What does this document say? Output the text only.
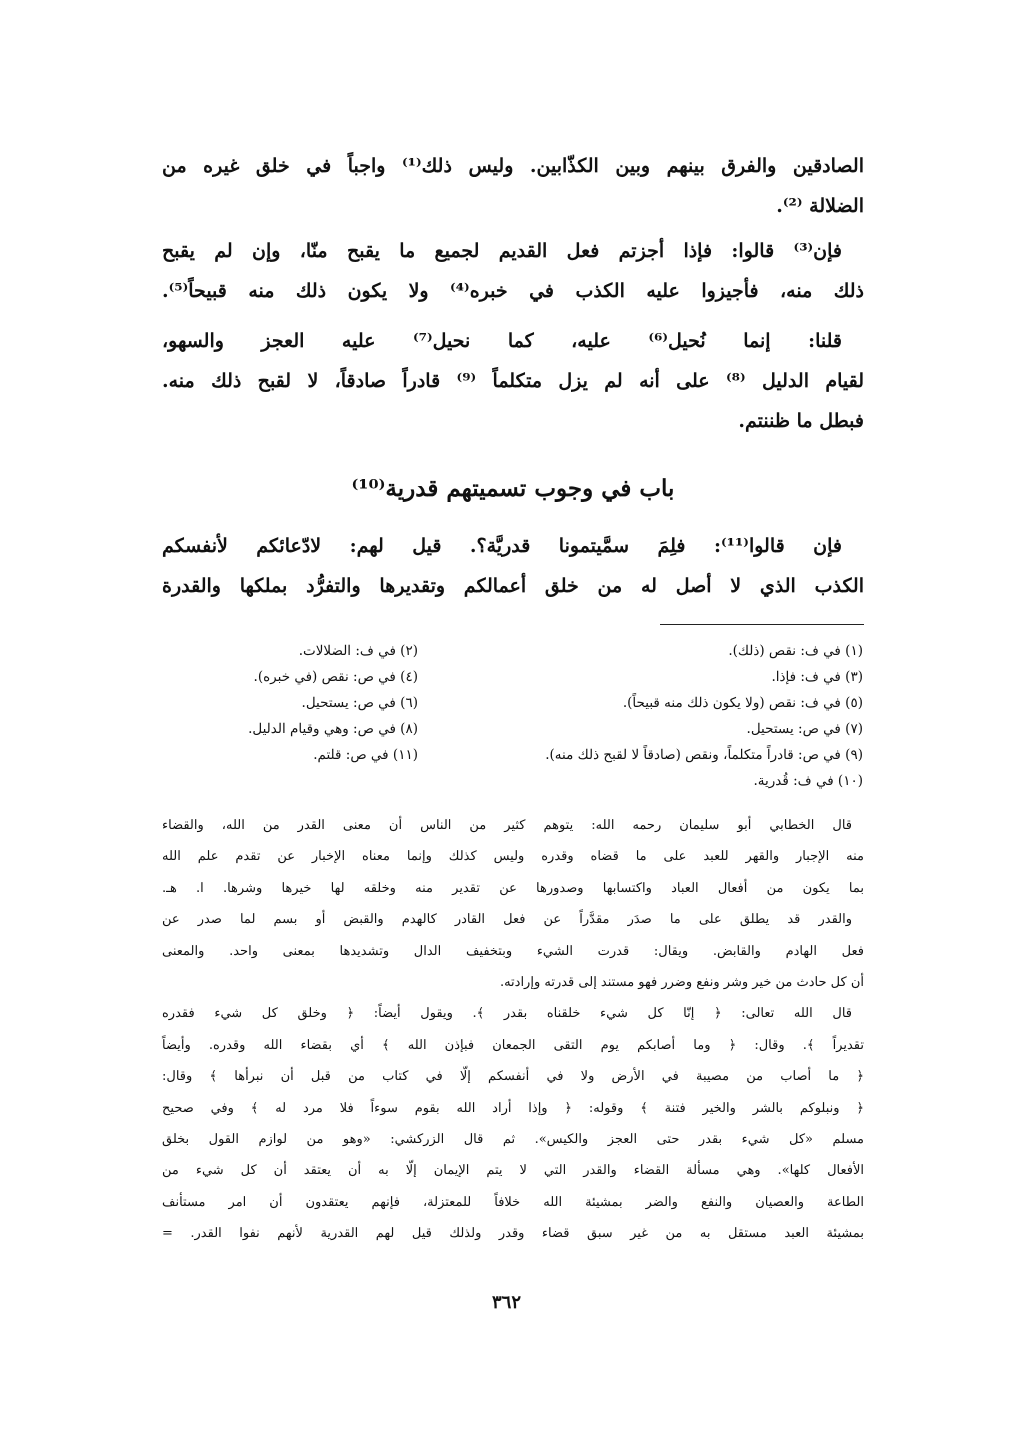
الصادقين والفرق بينهم وبين الكذّابين. وليس ذلك⁽¹⁾ واجباً في خلق غيره من
الضلالة ⁽²⁾.
فإن⁽³⁾ قالوا: فإذا أجزتم فعل القديم لجميع ما يقبح منّا، وإن لم يقبح
ذلك منه، فأجيزوا عليه الكذب في خبره⁽⁴⁾ ولا يكون ذلك منه قبيحاً⁽⁵⁾.
قلنا: إنما نُحيل⁽⁶⁾ عليه، كما نحيل⁽⁷⁾ عليه العجز والسهو،
لقيام الدليل ⁽⁸⁾ على أنه لم يزل متكلماً ⁽⁹⁾ قادراً صادقاً، لا لقبح ذلك منه.
فبطل ما ظننتم.
باب في وجوب تسميتهم قدرية⁽¹⁰⁾
فإن قالوا⁽¹¹⁾: فلِمَ سمَّيتمونا قدريَّة؟. قيل لهم: لادّعائكم لأنفسكم
الكذب الذي لا أصل له من خلق أعمالكم وتقديرها والتفرُّد بملكها والقدرة
(١) في ف: نقص (ذلك).
(٢) في ف: الضلالات.
(٣) في ف: فإذا.
(٤) في ص: نقص (في خبره).
(٥) في ف: نقص (ولا يكون ذلك منه قبيحاً).
(٦) في ص: يستحيل.
(٧) في ص: يستحيل.
(٨) في ص: وهي وقيام الدليل.
(٩) في ص: قادراً متكلماً، ونقص (صادقاً لا لقبح ذلك منه).
(١١) في ص: قلتم.
(١٠) في ف: قُدرية.
قال الخطابي أبو سليمان رحمه الله: يتوهم كثير من الناس أن معنى القدر من الله، والقضاء
منه الإجبار والقهر للعبد على ما قضاه وقدره وليس كذلك وإنما معناه الإخبار عن تقدم علم الله
بما يكون من أفعال العباد واكتسابها وصدورها عن تقدير منه وخلقه لها خيرها وشرها. ا. هـ.
والقدر قد يطلق على ما صدَر مقدَّراً عن فعل القادر كالهدم والقبض أو بسم لما صدر عن
فعل الهادم والقابض. ويقال: قدرت الشيء وبتخفيف الدال وتشديدها بمعنى واحد. والمعنى
أن كل حادث من خير وشر ونفع وضرر فهو مستند إلى قدرته وإرادته.
قال الله تعالى: ﴿ إنّا كل شيء خلقناه بقدر ﴾. ويقول أيضاً: ﴿ وخلق كل شيء فقدره
تقديراً ﴾. وقال: ﴿ وما أصابكم يوم التقى الجمعان فبإذن الله ﴾ أي بقضاء الله وقدره. وأيضاً
﴿ ما أصاب من مصيبة في الأرض ولا في أنفسكم إلّا في كتاب من قبل أن نبرأها ﴾ وقال:
﴿ ونبلوكم بالشر والخير فتنة ﴾ وقوله: ﴿ وإذا أراد الله بقوم سوءاً فلا مرد له ﴾ وفي صحيح
مسلم «كل شيء بقدر حتى العجز والكيس». ثم قال الزركشي: «وهو من لوازم القول بخلق
الأفعال كلها». وهي مسألة القضاء والقدر التي لا يتم الإيمان إلّا به أن يعتقد أن كل شيء من
الطاعة والعصيان والنفع والضر بمشيئة الله خلافاً للمعتزلة، فإنهم يعتقدون أن امر مستأنف
بمشيئة العبد مستقل به من غير سبق قضاء وقدر ولذلك قيل لهم القدرية لأنهم نفوا القدر. =
٣٦٢
